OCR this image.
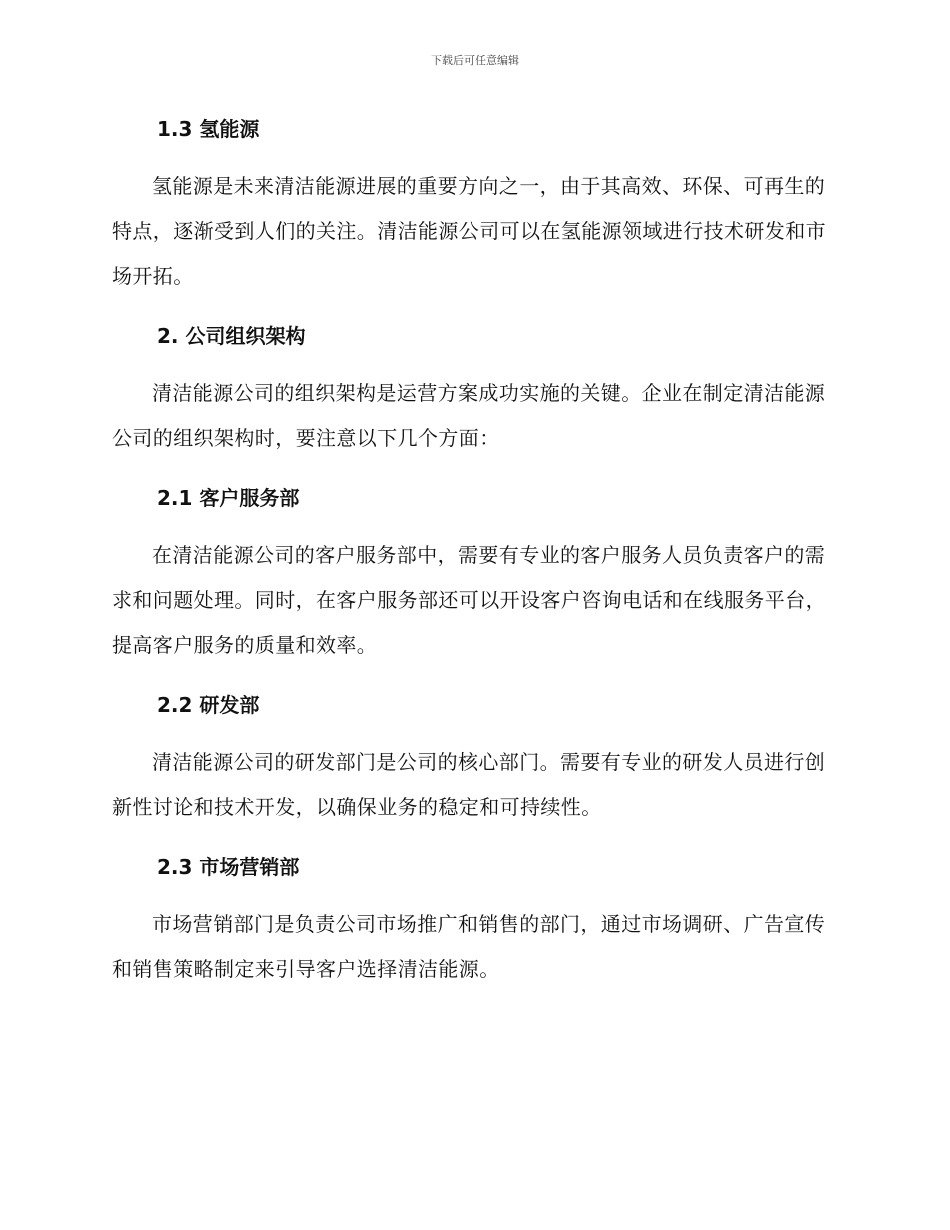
下载后可任意编辑
1.3 氢能源

氢能源是未来清洁能源进展的重要方向之一，由于其高效、环保、可再生的特点，逐渐受到人们的关注。清洁能源公司可以在氢能源领域进行技术研发和市场开拓。

2. 公司组织架构

清洁能源公司的组织架构是运营方案成功实施的关键。企业在制定清洁能源公司的组织架构时，要注意以下几个方面：

2.1 客户服务部

在清洁能源公司的客户服务部中，需要有专业的客户服务人员负责客户的需求和问题处理。同时，在客户服务部还可以开设客户咨询电话和在线服务平台，提高客户服务的质量和效率。

2.2 研发部

清洁能源公司的研发部门是公司的核心部门。需要有专业的研发人员进行创新性讨论和技术开发，以确保业务的稳定和可持续性。

2.3 市场营销部

市场营销部门是负责公司市场推广和销售的部门，通过市场调研、广告宣传和销售策略制定来引导客户选择清洁能源。
